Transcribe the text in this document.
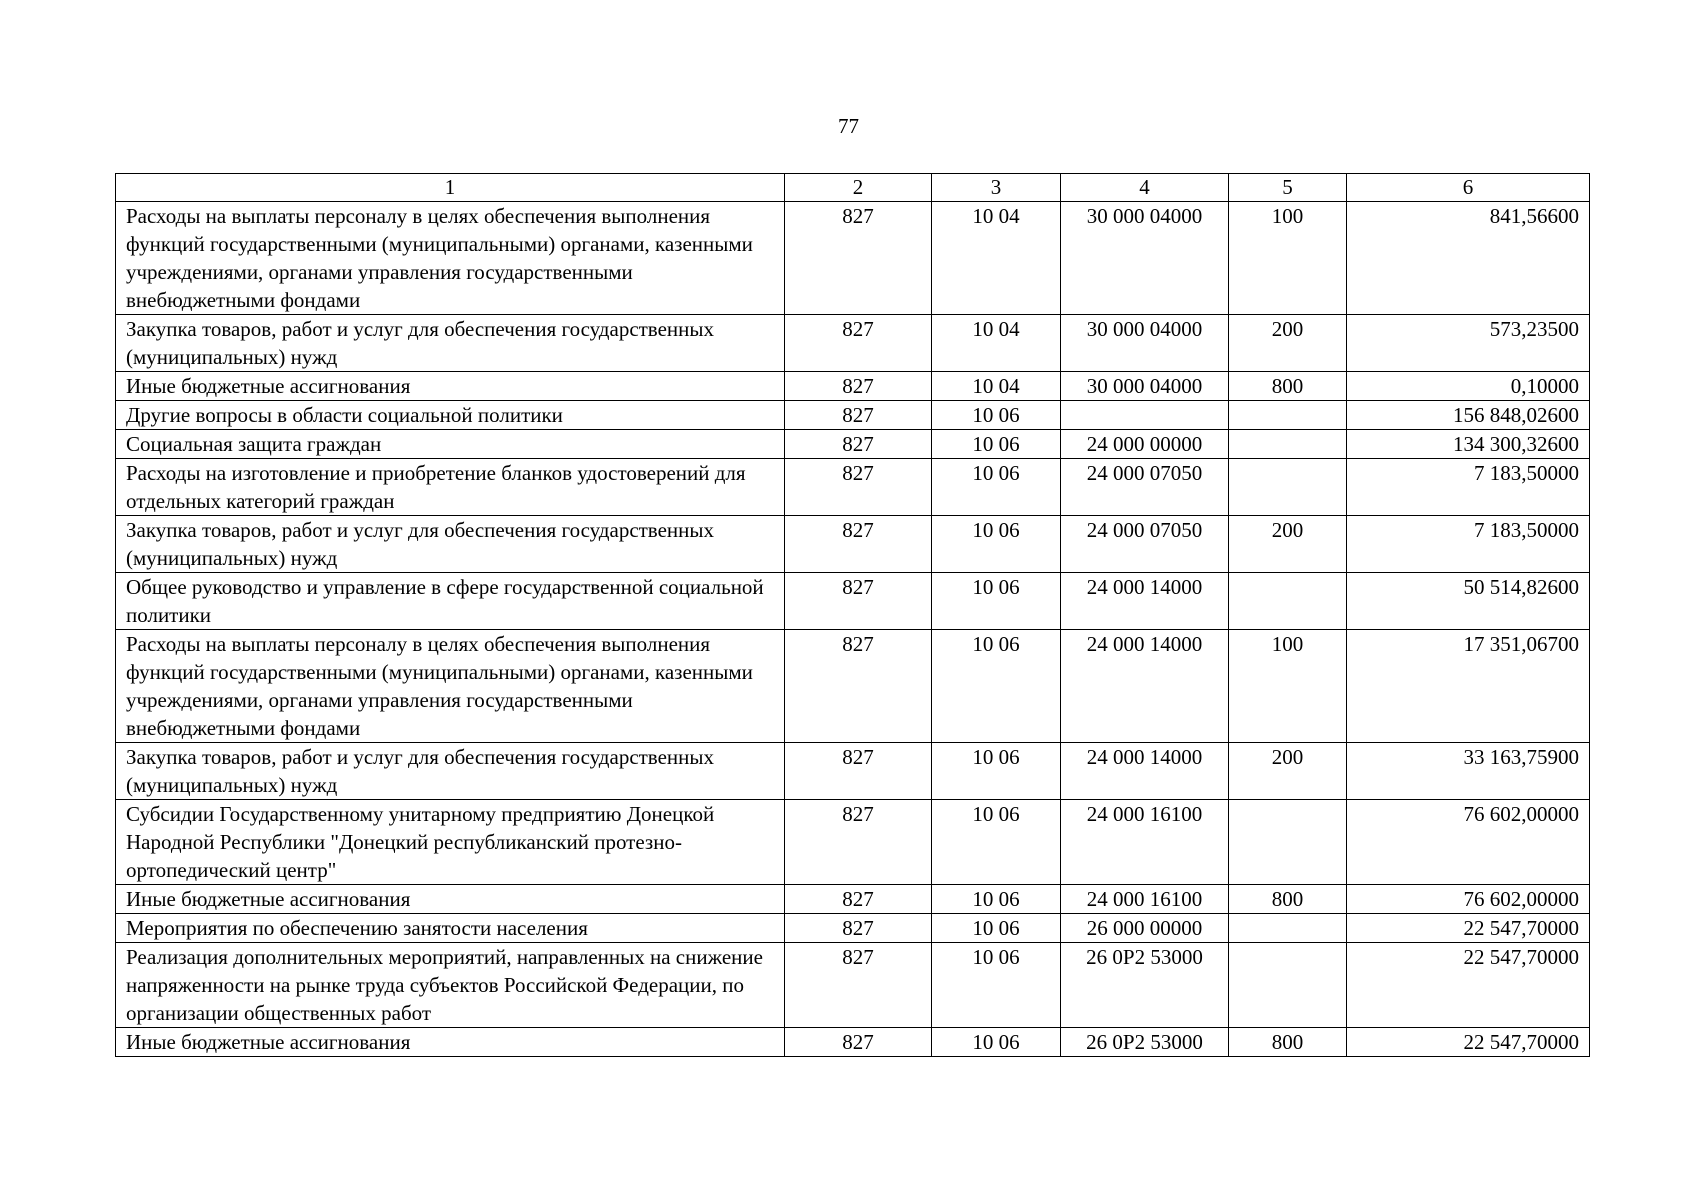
77
1	2	3	4	5	6
Расходы на выплаты персоналу в целях обеспечения выполнения функций государственными (муниципальными) органами, казенными учреждениями, органами управления государственными внебюджетными фондами	827	10 04	30 000 04000	100	841,56600
Закупка товаров, работ и услуг для обеспечения государственных (муниципальных) нужд	827	10 04	30 000 04000	200	573,23500
Иные бюджетные ассигнования	827	10 04	30 000 04000	800	0,10000
Другие вопросы в области социальной политики	827	10 06			156 848,02600
Социальная защита граждан	827	10 06	24 000 00000		134 300,32600
Расходы на изготовление и приобретение бланков удостоверений для отдельных категорий граждан	827	10 06	24 000 07050		7 183,50000
Закупка товаров, работ и услуг для обеспечения государственных (муниципальных) нужд	827	10 06	24 000 07050	200	7 183,50000
Общее руководство и управление в сфере государственной социальной политики	827	10 06	24 000 14000		50 514,82600
Расходы на выплаты персоналу в целях обеспечения выполнения функций государственными (муниципальными) органами, казенными учреждениями, органами управления государственными внебюджетными фондами	827	10 06	24 000 14000	100	17 351,06700
Закупка товаров, работ и услуг для обеспечения государственных (муниципальных) нужд	827	10 06	24 000 14000	200	33 163,75900
Субсидии Государственному унитарному предприятию Донецкой Народной Республики "Донецкий республиканский протезно-ортопедический центр"	827	10 06	24 000 16100		76 602,00000
Иные бюджетные ассигнования	827	10 06	24 000 16100	800	76 602,00000
Мероприятия по обеспечению занятости населения	827	10 06	26 000 00000		22 547,70000
Реализация дополнительных мероприятий, направленных на снижение напряженности на рынке труда субъектов Российской Федерации, по организации общественных работ	827	10 06	26 0Р2 53000		22 547,70000
Иные бюджетные ассигнования	827	10 06	26 0Р2 53000	800	22 547,70000
